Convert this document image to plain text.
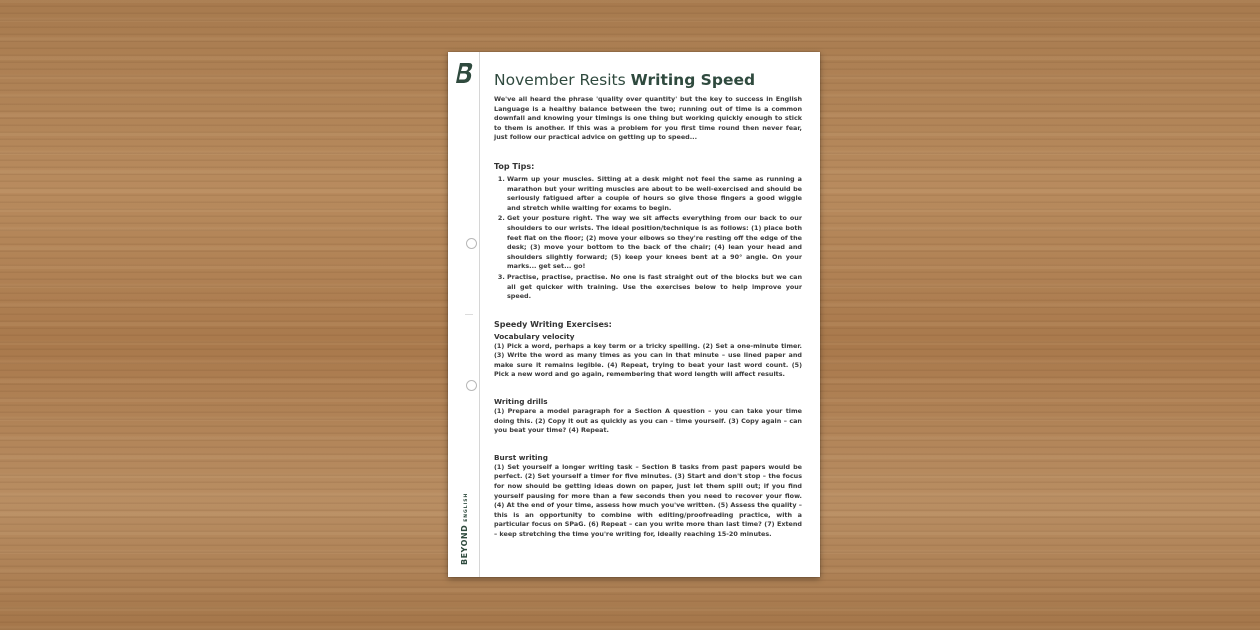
BEYONDENGLISH
November Resits Writing Speed

We've all heard the phrase 'quality over quantity' but the key to success in English Language is a healthy balance between the two; running out of time is a common downfall and knowing your timings is one thing but working quickly enough to stick to them is another. If this was a problem for you first time round then never fear, just follow our practical advice on getting up to speed...

Top Tips:
1. Warm up your muscles. Sitting at a desk might not feel the same as running a marathon but your writing muscles are about to be well-exercised and should be seriously fatigued after a couple of hours so give those fingers a good wiggle and stretch while waiting for exams to begin.
2. Get your posture right. The way we sit affects everything from our back to our shoulders to our wrists. The ideal position/technique is as follows: (1) place both feet flat on the floor; (2) move your elbows so they're resting off the edge of the desk; (3) move your bottom to the back of the chair; (4) lean your head and shoulders slightly forward; (5) keep your knees bent at a 90° angle. On your marks... get set... go!
3. Practise, practise, practise. No one is fast straight out of the blocks but we can all get quicker with training. Use the exercises below to help improve your speed.
Speedy Writing Exercises:
Vocabulary velocity

(1) Pick a word, perhaps a key term or a tricky spelling. (2) Set a one-minute timer. (3) Write the word as many times as you can in that minute – use lined paper and make sure it remains legible. (4) Repeat, trying to beat your last word count. (5) Pick a new word and go again, remembering that word length will affect results.

Writing drills

(1) Prepare a model paragraph for a Section A question – you can take your time doing this. (2) Copy it out as quickly as you can – time yourself. (3) Copy again – can you beat your time? (4) Repeat.

Burst writing

(1) Set yourself a longer writing task – Section B tasks from past papers would be perfect. (2) Set yourself a timer for five minutes. (3) Start and don't stop – the focus for now should be getting ideas down on paper, just let them spill out; if you find yourself pausing for more than a few seconds then you need to recover your flow. (4) At the end of your time, assess how much you've written. (5) Assess the quality – this is an opportunity to combine with editing/proofreading practice, with a particular focus on SPaG. (6) Repeat – can you write more than last time? (7) Extend – keep stretching the time you're writing for, ideally reaching 15-20 minutes.
